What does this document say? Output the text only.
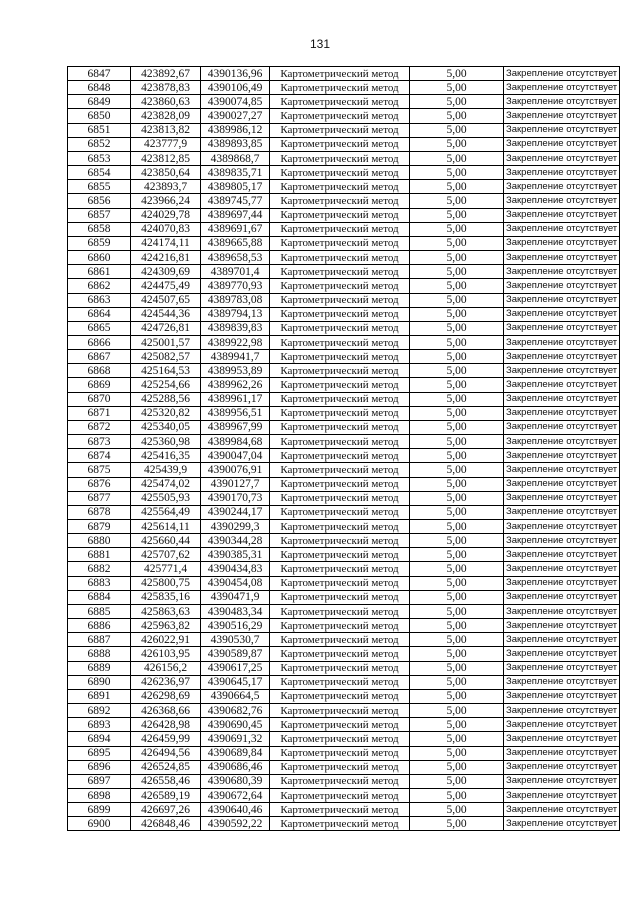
131
6847	423892,67	4390136,96	Картометрический метод	5,00	Закрепление отсутствует
6848	423878,83	4390106,49	Картометрический метод	5,00	Закрепление отсутствует
6849	423860,63	4390074,85	Картометрический метод	5,00	Закрепление отсутствует
6850	423828,09	4390027,27	Картометрический метод	5,00	Закрепление отсутствует
6851	423813,82	4389986,12	Картометрический метод	5,00	Закрепление отсутствует
6852	423777,9	4389893,85	Картометрический метод	5,00	Закрепление отсутствует
6853	423812,85	4389868,7	Картометрический метод	5,00	Закрепление отсутствует
6854	423850,64	4389835,71	Картометрический метод	5,00	Закрепление отсутствует
6855	423893,7	4389805,17	Картометрический метод	5,00	Закрепление отсутствует
6856	423966,24	4389745,77	Картометрический метод	5,00	Закрепление отсутствует
6857	424029,78	4389697,44	Картометрический метод	5,00	Закрепление отсутствует
6858	424070,83	4389691,67	Картометрический метод	5,00	Закрепление отсутствует
6859	424174,11	4389665,88	Картометрический метод	5,00	Закрепление отсутствует
6860	424216,81	4389658,53	Картометрический метод	5,00	Закрепление отсутствует
6861	424309,69	4389701,4	Картометрический метод	5,00	Закрепление отсутствует
6862	424475,49	4389770,93	Картометрический метод	5,00	Закрепление отсутствует
6863	424507,65	4389783,08	Картометрический метод	5,00	Закрепление отсутствует
6864	424544,36	4389794,13	Картометрический метод	5,00	Закрепление отсутствует
6865	424726,81	4389839,83	Картометрический метод	5,00	Закрепление отсутствует
6866	425001,57	4389922,98	Картометрический метод	5,00	Закрепление отсутствует
6867	425082,57	4389941,7	Картометрический метод	5,00	Закрепление отсутствует
6868	425164,53	4389953,89	Картометрический метод	5,00	Закрепление отсутствует
6869	425254,66	4389962,26	Картометрический метод	5,00	Закрепление отсутствует
6870	425288,56	4389961,17	Картометрический метод	5,00	Закрепление отсутствует
6871	425320,82	4389956,51	Картометрический метод	5,00	Закрепление отсутствует
6872	425340,05	4389967,99	Картометрический метод	5,00	Закрепление отсутствует
6873	425360,98	4389984,68	Картометрический метод	5,00	Закрепление отсутствует
6874	425416,35	4390047,04	Картометрический метод	5,00	Закрепление отсутствует
6875	425439,9	4390076,91	Картометрический метод	5,00	Закрепление отсутствует
6876	425474,02	4390127,7	Картометрический метод	5,00	Закрепление отсутствует
6877	425505,93	4390170,73	Картометрический метод	5,00	Закрепление отсутствует
6878	425564,49	4390244,17	Картометрический метод	5,00	Закрепление отсутствует
6879	425614,11	4390299,3	Картометрический метод	5,00	Закрепление отсутствует
6880	425660,44	4390344,28	Картометрический метод	5,00	Закрепление отсутствует
6881	425707,62	4390385,31	Картометрический метод	5,00	Закрепление отсутствует
6882	425771,4	4390434,83	Картометрический метод	5,00	Закрепление отсутствует
6883	425800,75	4390454,08	Картометрический метод	5,00	Закрепление отсутствует
6884	425835,16	4390471,9	Картометрический метод	5,00	Закрепление отсутствует
6885	425863,63	4390483,34	Картометрический метод	5,00	Закрепление отсутствует
6886	425963,82	4390516,29	Картометрический метод	5,00	Закрепление отсутствует
6887	426022,91	4390530,7	Картометрический метод	5,00	Закрепление отсутствует
6888	426103,95	4390589,87	Картометрический метод	5,00	Закрепление отсутствует
6889	426156,2	4390617,25	Картометрический метод	5,00	Закрепление отсутствует
6890	426236,97	4390645,17	Картометрический метод	5,00	Закрепление отсутствует
6891	426298,69	4390664,5	Картометрический метод	5,00	Закрепление отсутствует
6892	426368,66	4390682,76	Картометрический метод	5,00	Закрепление отсутствует
6893	426428,98	4390690,45	Картометрический метод	5,00	Закрепление отсутствует
6894	426459,99	4390691,32	Картометрический метод	5,00	Закрепление отсутствует
6895	426494,56	4390689,84	Картометрический метод	5,00	Закрепление отсутствует
6896	426524,85	4390686,46	Картометрический метод	5,00	Закрепление отсутствует
6897	426558,46	4390680,39	Картометрический метод	5,00	Закрепление отсутствует
6898	426589,19	4390672,64	Картометрический метод	5,00	Закрепление отсутствует
6899	426697,26	4390640,46	Картометрический метод	5,00	Закрепление отсутствует
6900	426848,46	4390592,22	Картометрический метод	5,00	Закрепление отсутствует
